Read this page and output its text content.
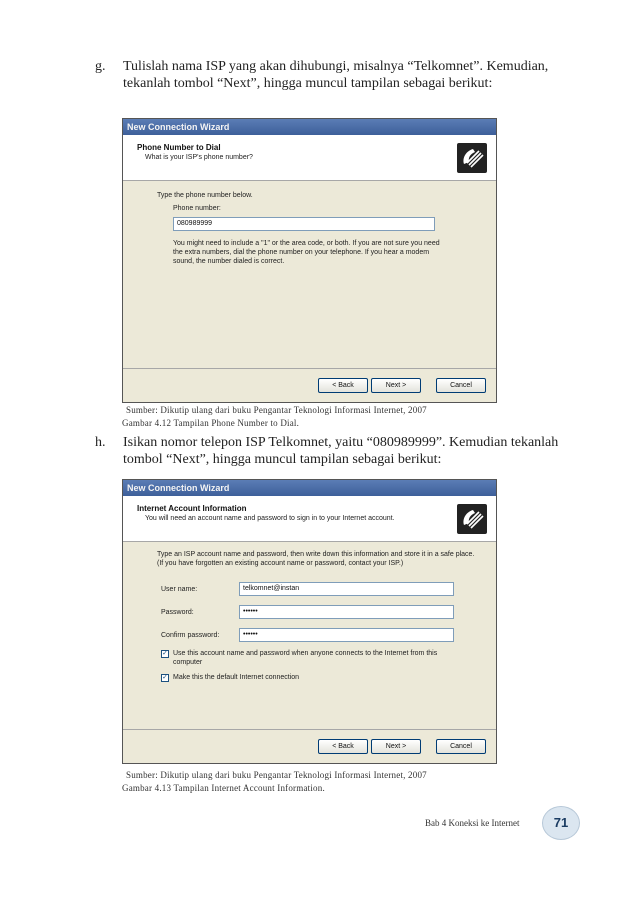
g. Tulislah nama ISP yang akan dihubungi, misalnya “Telkomnet”. Kemudian, tekanlah tombol “Next”, hingga muncul tampilan sebagai berikut:
New Connection Wizard
Phone Number to Dial
What is your ISP's phone number?

Type the phone number below.

Phone number:
080989999

You might need to include a "1" or the area code, or both. If you are not sure you need the extra numbers, dial the phone number on your telephone. If you hear a modem sound, the number dialed is correct.

< Back	Next >	Cancel
Sumber: Dikutip ulang dari buku Pengantar Teknologi Informasi Internet, 2007
Gambar 4.12 Tampilan Phone Number to Dial.
h. Isikan nomor telepon ISP Telkomnet, yaitu “080989999”. Kemudian tekanlah tombol “Next”, hingga muncul tampilan sebagai berikut:
New Connection Wizard
Internet Account Information
You will need an account name and password to sign in to your Internet account.

Type an ISP account name and password, then write down this information and store it in a safe place. (If you have forgotten an existing account name or password, contact your ISP.)

User name:	telkomnet@instan
Password:	••••••
Confirm password:	••••••
✓ Use this account name and password when anyone connects to the Internet from this computer

✓ Make this the default Internet connection

< Back	Next >	Cancel
Sumber: Dikutip ulang dari buku Pengantar Teknologi Informasi Internet, 2007
Gambar 4.13 Tampilan Internet Account Information.
Bab 4 Koneksi ke Internet	71
